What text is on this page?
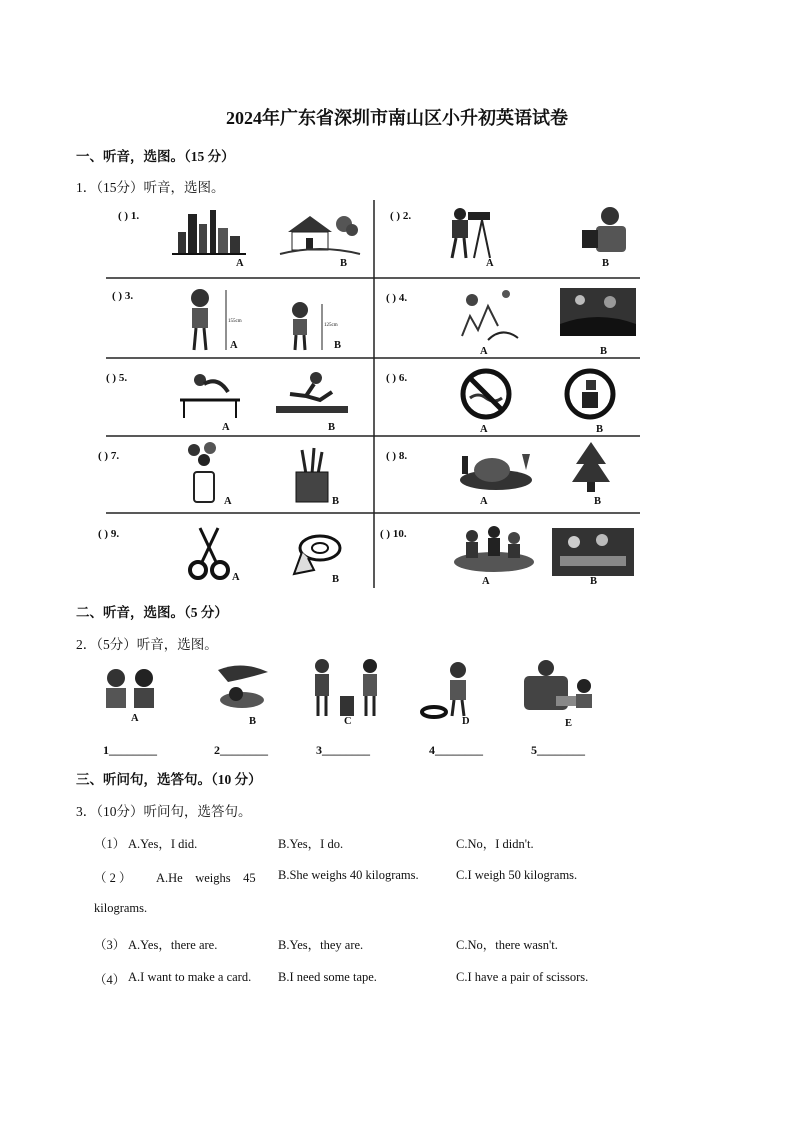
2024年广东省深圳市南山区小升初英语试卷
一、听音，选图。（15 分）
1．（15分）听音，选图。
( ) 1.
A	B
( ) 2.
A	B
( ) 3.
155cm
A
125cm
B
( ) 4.
A	B
( ) 5.
A	B
( ) 6.
A	B
( ) 7.
A	B
( ) 8.
A	B
( ) 9.
A	B
( ) 10.
A	B
二、听音，选图。（5 分）
2．（5分）听音，选图。
A	B	C	D	E
1________	2________	3________	4________	5________
三、听问句，选答句。（10 分）
3．（10分）听问句，选答句。
（1） A.Yes，I did.	B.Yes，I do.	C.No，I didn't.
（ 2 ） A.He　weighs　45 B.She weighs 40 kilograms.	C.I weigh 50 kilograms.
kilograms.
（3） A.Yes，there are.	B.Yes，they are.	C.No，there wasn't.
（4） A.I want to make a card. B.I need some tape.	C.I have a pair of scissors.
